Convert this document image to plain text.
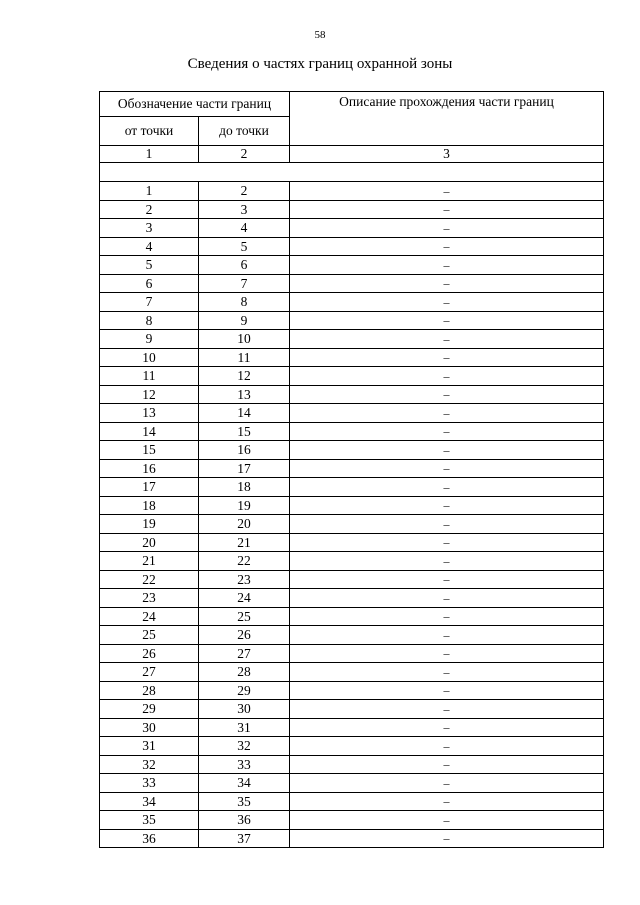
58
Сведения о частях границ охранной зоны
Обозначение части границ		Описание прохождения части границ
от точки	до точки	
1	2	3

1	2	–
2	3	–
3	4	–
4	5	–
5	6	–
6	7	–
7	8	–
8	9	–
9	10	–
10	11	–
11	12	–
12	13	–
13	14	–
14	15	–
15	16	–
16	17	–
17	18	–
18	19	–
19	20	–
20	21	–
21	22	–
22	23	–
23	24	–
24	25	–
25	26	–
26	27	–
27	28	–
28	29	–
29	30	–
30	31	–
31	32	–
32	33	–
33	34	–
34	35	–
35	36	–
36	37	–
